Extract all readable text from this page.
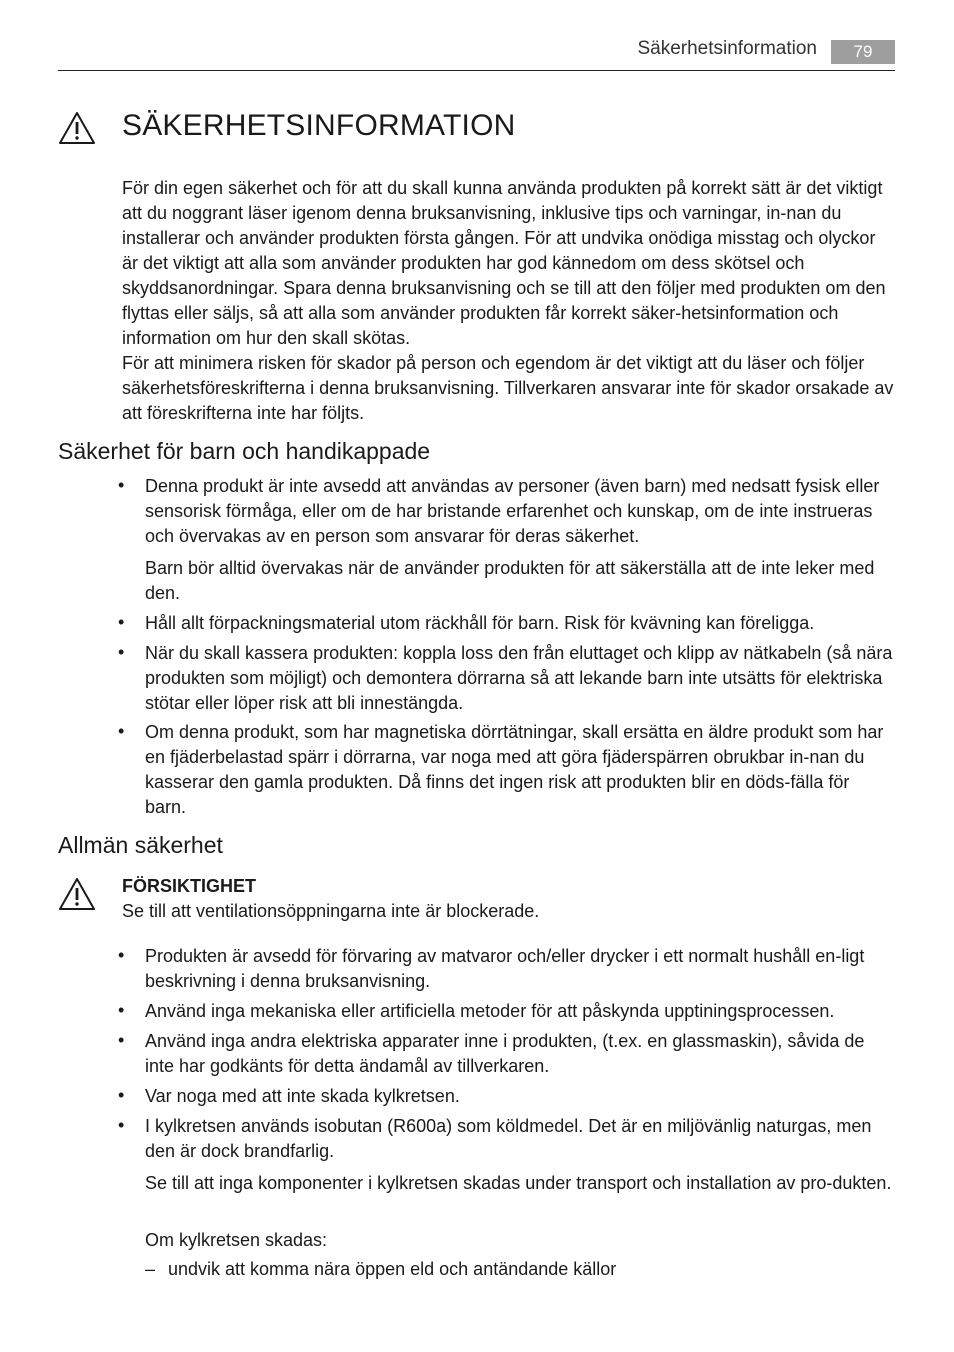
Säkerhetsinformation	79
SÄKERHETSINFORMATION

För din egen säkerhet och för att du skall kunna använda produkten på korrekt sätt är det viktigt att du noggrant läser igenom denna bruksanvisning, inklusive tips och varningar, in-nan du installerar och använder produkten första gången. För att undvika onödiga misstag och olyckor är det viktigt att alla som använder produkten har god kännedom om dess skötsel och skyddsanordningar. Spara denna bruksanvisning och se till att den följer med produkten om den flyttas eller säljs, så att alla som använder produkten får korrekt säker-hetsinformation och information om hur den skall skötas.

För att minimera risken för skador på person och egendom är det viktigt att du läser och följer säkerhetsföreskrifterna i denna bruksanvisning. Tillverkaren ansvarar inte för skador orsakade av att föreskrifterna inte har följts.

Säkerhet för barn och handikappade
• Denna produkt är inte avsedd att användas av personer (även barn) med nedsatt fysisk eller sensorisk förmåga, eller om de har bristande erfarenhet och kunskap, om de inte instrueras och övervakas av en person som ansvarar för deras säkerhet.

Barn bör alltid övervakas när de använder produkten för att säkerställa att de inte leker med den.

• Håll allt förpackningsmaterial utom räckhåll för barn. Risk för kvävning kan föreligga.

• När du skall kassera produkten: koppla loss den från eluttaget och klipp av nätkabeln (så nära produkten som möjligt) och demontera dörrarna så att lekande barn inte utsätts för elektriska stötar eller löper risk att bli innestängda.

• Om denna produkt, som har magnetiska dörrtätningar, skall ersätta en äldre produkt som har en fjäderbelastad spärr i dörrarna, var noga med att göra fjäderspärren obrukbar in-nan du kasserar den gamla produkten. Då finns det ingen risk att produkten blir en döds-fälla för barn.

Allmän säkerhet

FÖRSIKTIGHET

Se till att ventilationsöppningarna inte är blockerade.

• Produkten är avsedd för förvaring av matvaror och/eller drycker i ett normalt hushåll en-ligt beskrivning i denna bruksanvisning.

• Använd inga mekaniska eller artificiella metoder för att påskynda upptiningsprocessen.

• Använd inga andra elektriska apparater inne i produkten, (t.ex. en glassmaskin), såvida de inte har godkänts för detta ändamål av tillverkaren.

• Var noga med att inte skada kylkretsen.

• I kylkretsen används isobutan (R600a) som köldmedel. Det är en miljövänlig naturgas, men den är dock brandfarlig.

Se till att inga komponenter i kylkretsen skadas under transport och installation av pro-dukten.

Om kylkretsen skadas:

– undvik att komma nära öppen eld och antändande källor
